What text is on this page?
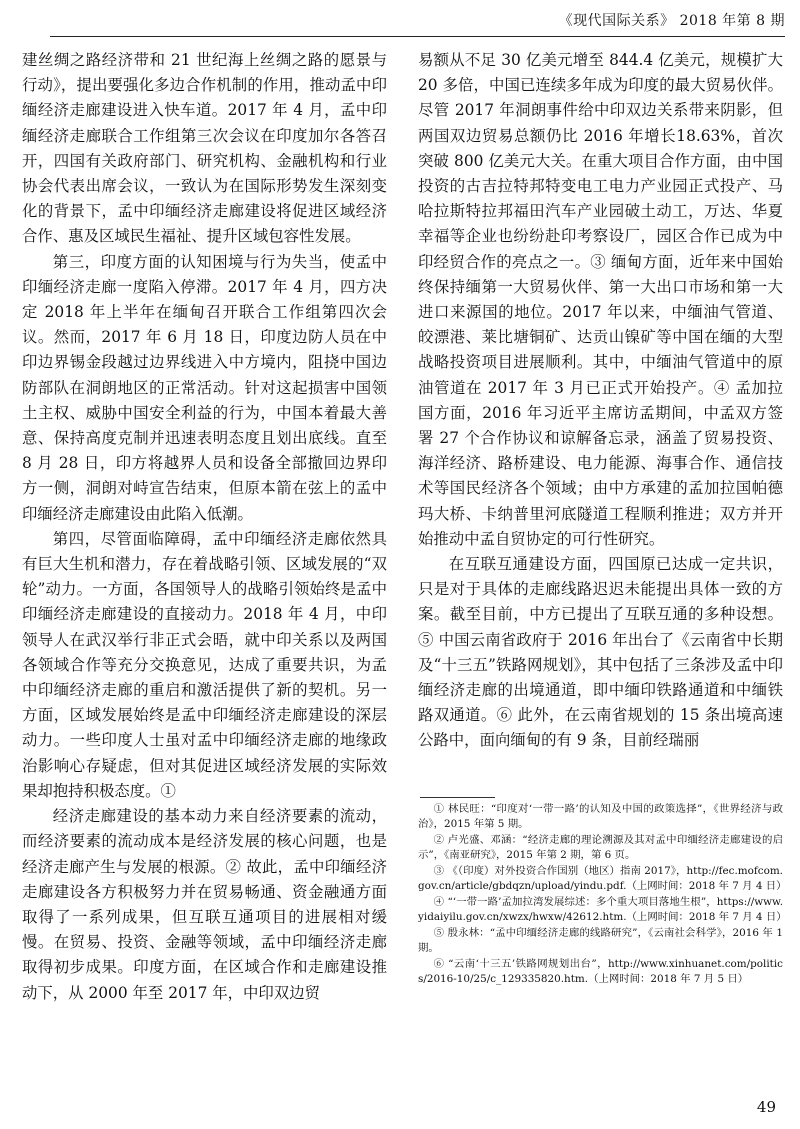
《现代国际关系》 2018 年第 8 期

建丝绸之路经济带和 21 世纪海上丝绸之路的愿景与行动》，提出要强化多边合作机制的作用，推动孟中印缅经济走廊建设进入快车道。2017 年 4 月，孟中印缅经济走廊联合工作组第三次会议在印度加尔各答召开，四国有关政府部门、研究机构、金融机构和行业协会代表出席会议，一致认为在国际形势发生深刻变化的背景下，孟中印缅经济走廊建设将促进区域经济合作、惠及区域民生福祉、提升区域包容性发展。

第三，印度方面的认知困境与行为失当，使孟中印缅经济走廊一度陷入停滞。2017 年 4 月，四方决定 2018 年上半年在缅甸召开联合工作组第四次会议。然而，2017 年 6 月 18 日，印度边防人员在中印边界锡金段越过边界线进入中方境内，阻挠中国边防部队在洞朗地区的正常活动。针对这起损害中国领土主权、威胁中国安全利益的行为，中国本着最大善意、保持高度克制并迅速表明态度且划出底线。直至 8 月 28 日，印方将越界人员和设备全部撤回边界印方一侧，洞朗对峙宣告结束，但原本箭在弦上的孟中印缅经济走廊建设由此陷入低潮。

第四，尽管面临障碍，孟中印缅经济走廊依然具有巨大生机和潜力，存在着战略引领、区域发展的“双轮”动力。一方面，各国领导人的战略引领始终是孟中印缅经济走廊建设的直接动力。2018 年 4 月，中印领导人在武汉举行非正式会晤，就中印关系以及两国各领域合作等充分交换意见，达成了重要共识，为孟中印缅经济走廊的重启和激活提供了新的契机。另一方面，区域发展始终是孟中印缅经济走廊建设的深层动力。一些印度人士虽对孟中印缅经济走廊的地缘政治影响心存疑虑，但对其促进区域经济发展的实际效果却抱持积极态度。①

经济走廊建设的基本动力来自经济要素的流动，而经济要素的流动成本是经济发展的核心问题，也是经济走廊产生与发展的根源。② 故此，孟中印缅经济走廊建设各方积极努力并在贸易畅通、资金融通方面取得了一系列成果，但互联互通项目的进展相对缓慢。在贸易、投资、金融等领域，孟中印缅经济走廊取得初步成果。印度方面，在区域合作和走廊建设推动下，从 2000 年至 2017 年，中印双边贸

易额从不足 30 亿美元增至 844.4 亿美元，规模扩大 20 多倍，中国已连续多年成为印度的最大贸易伙伴。尽管 2017 年洞朗事件给中印双边关系带来阴影，但两国双边贸易总额仍比 2016 年增长18.63%，首次突破 800 亿美元大关。在重大项目合作方面，由中国投资的古吉拉特邦特变电工电力产业园正式投产、马哈拉斯特拉邦福田汽车产业园破土动工，万达、华夏幸福等企业也纷纷赴印考察设厂，园区合作已成为中印经贸合作的亮点之一。③ 缅甸方面，近年来中国始终保持缅第一大贸易伙伴、第一大出口市场和第一大进口来源国的地位。2017 年以来，中缅油气管道、皎漂港、莱比塘铜矿、达贡山镍矿等中国在缅的大型战略投资项目进展顺利。其中，中缅油气管道中的原油管道在 2017 年 3 月已正式开始投产。④ 孟加拉国方面，2016 年习近平主席访孟期间，中孟双方签署 27 个合作协议和谅解备忘录，涵盖了贸易投资、海洋经济、路桥建设、电力能源、海事合作、通信技术等国民经济各个领域；由中方承建的孟加拉国帕德玛大桥、卡纳普里河底隧道工程顺利推进；双方并开始推动中孟自贸协定的可行性研究。

在互联互通建设方面，四国原已达成一定共识，只是对于具体的走廊线路迟迟未能提出具体一致的方案。截至目前，中方已提出了互联互通的多种设想。⑤ 中国云南省政府于 2016 年出台了《云南省中长期及“十三五”铁路网规划》，其中包括了三条涉及孟中印缅经济走廊的出境通道，即中缅印铁路通道和中缅铁路双通道。⑥ 此外，在云南省规划的 15 条出境高速公路中，面向缅甸的有 9 条，目前经瑞丽

① 林民旺：“印度对‘一带一路’的认知及中国的政策选择”，《世界经济与政治》，2015 年第 5 期。

② 卢光盛、邓涵：“经济走廊的理论溯源及其对孟中印缅经济走廊建设的启示”，《南亚研究》，2015 年第 2 期，第 6 页。

③ 《（印度）对外投资合作国别（地区）指南 2017》，http://fec.mofcom.gov.cn/article/gbdqzn/upload/yindu.pdf.（上网时间：2018 年 7 月 4 日）

④ “‘一带一路’孟加拉湾发展综述：多个重大项目落地生根”，https://www.yidaiyilu.gov.cn/xwzx/hwxw/42612.htm.（上网时间：2018 年 7 月 4 日）

⑤ 殷永林：“孟中印缅经济走廊的线路研究”，《云南社会科学》，2016 年 1 期。

⑥ “云南‘十三五’铁路网规划出台”，http://www.xinhuanet.com/politics/2016-10/25/c_129335820.htm.（上网时间：2018 年 7 月 5 日）

49
